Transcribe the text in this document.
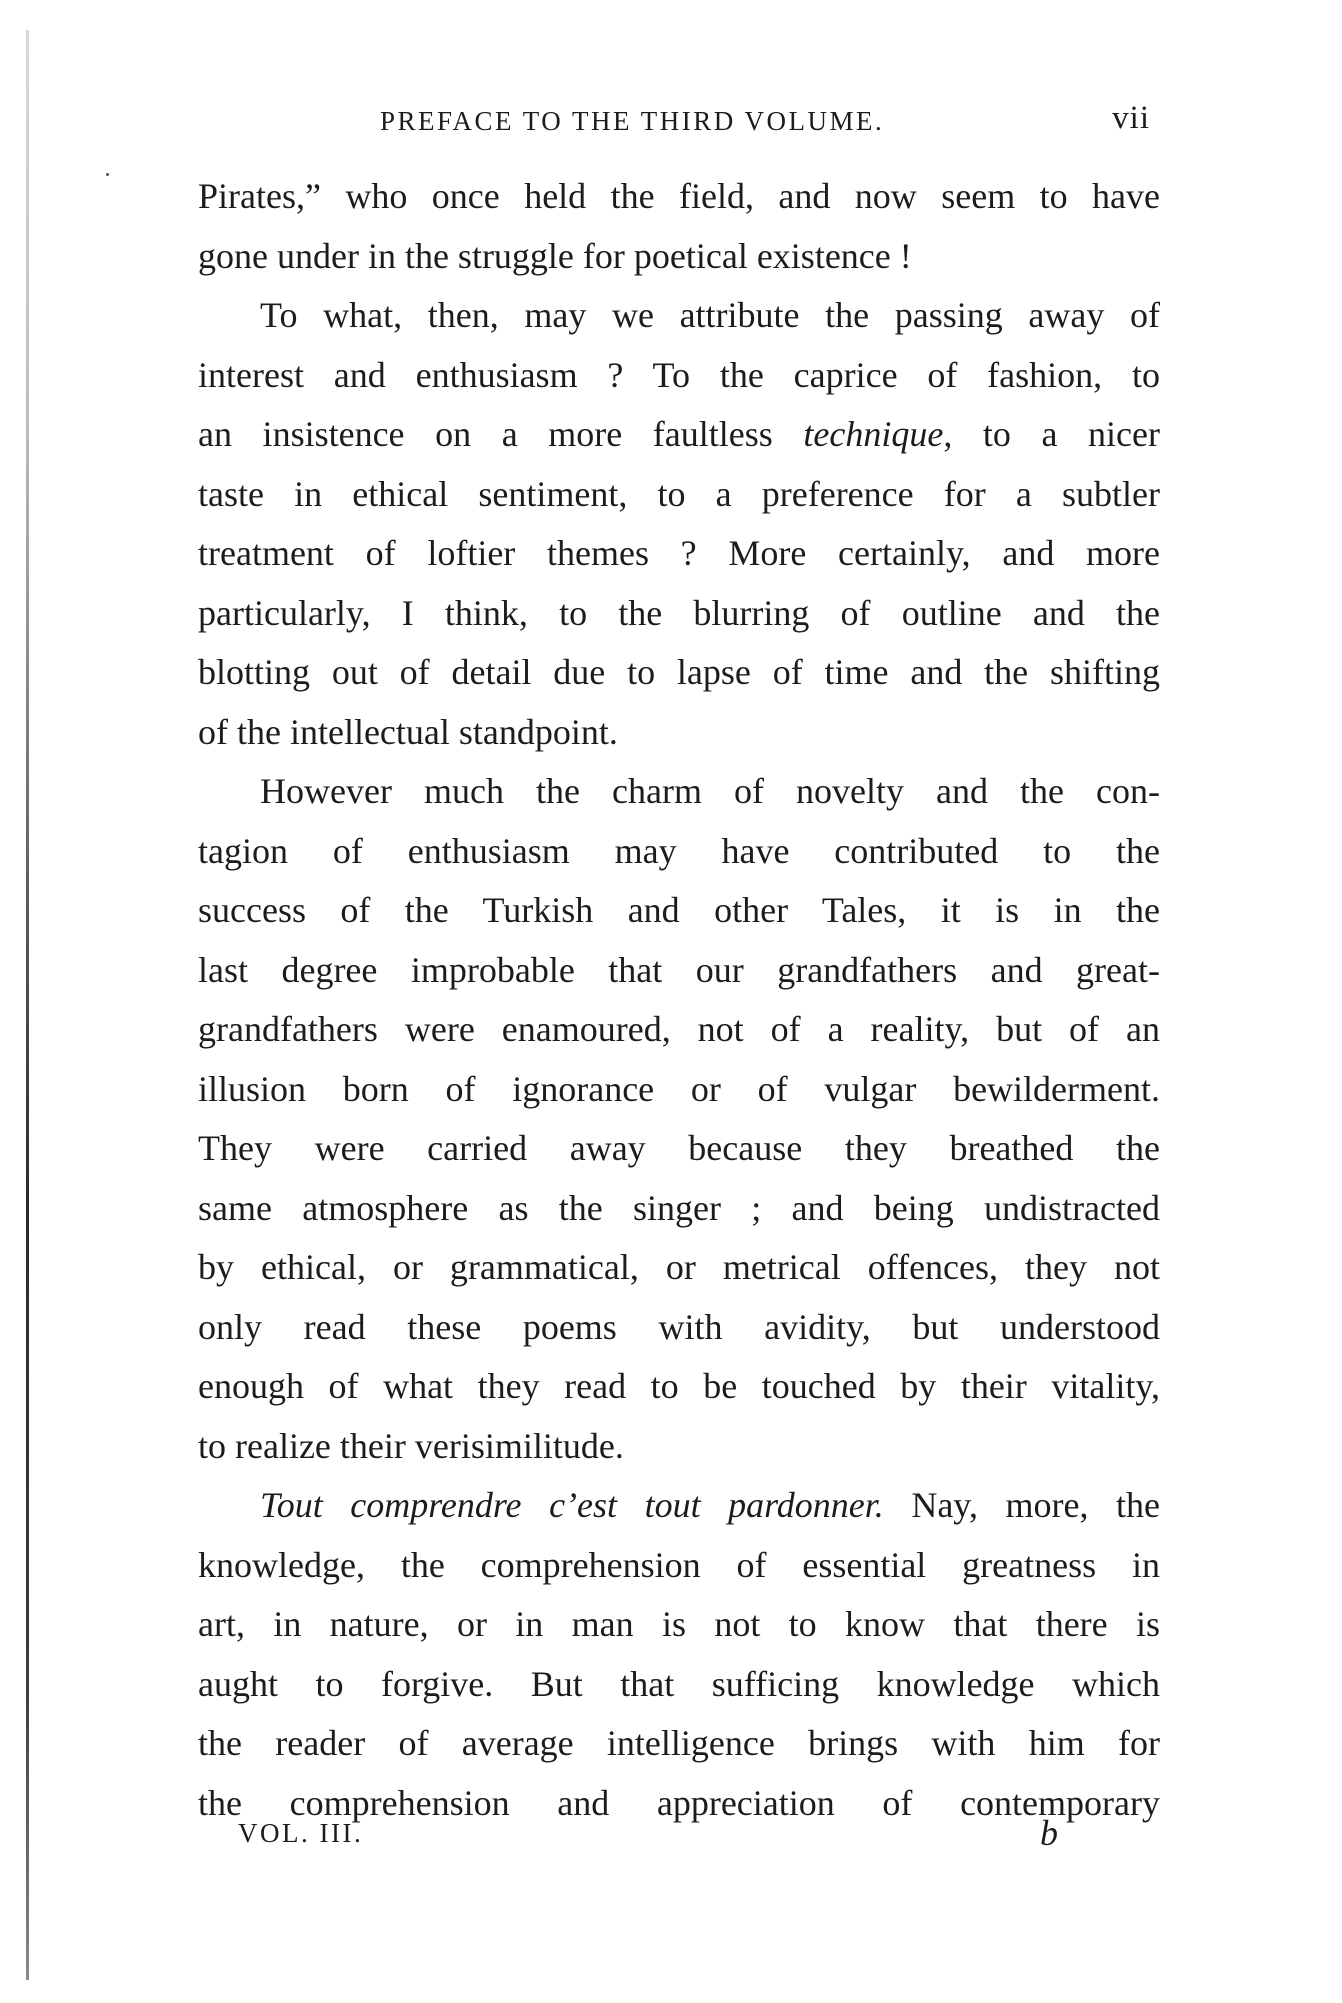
PREFACE TO THE THIRD VOLUME.	vii
Pirates,” who once held the field, and now seem to have
gone under in the struggle for poetical existence !
To what, then, may we attribute the passing away of
interest and enthusiasm ? To the caprice of fashion, to
an insistence on a more faultless technique, to a nicer
taste in ethical sentiment, to a preference for a subtler
treatment of loftier themes ? More certainly, and more
particularly, I think, to the blurring of outline and the
blotting out of detail due to lapse of time and the shifting
of the intellectual standpoint.
However much the charm of novelty and the con-
tagion of enthusiasm may have contributed to the
success of the Turkish and other Tales, it is in the
last degree improbable that our grandfathers and great-
grandfathers were enamoured, not of a reality, but of an
illusion born of ignorance or of vulgar bewilderment.
They were carried away because they breathed the
same atmosphere as the singer ; and being undistracted
by ethical, or grammatical, or metrical offences, they not
only read these poems with avidity, but understood
enough of what they read to be touched by their vitality,
to realize their verisimilitude.
Tout comprendre c’est tout pardonner. Nay, more, the
knowledge, the comprehension of essential greatness in
art, in nature, or in man is not to know that there is
aught to forgive. But that sufficing knowledge which
the reader of average intelligence brings with him for
the comprehension and appreciation of contemporary
VOL. III.	b
